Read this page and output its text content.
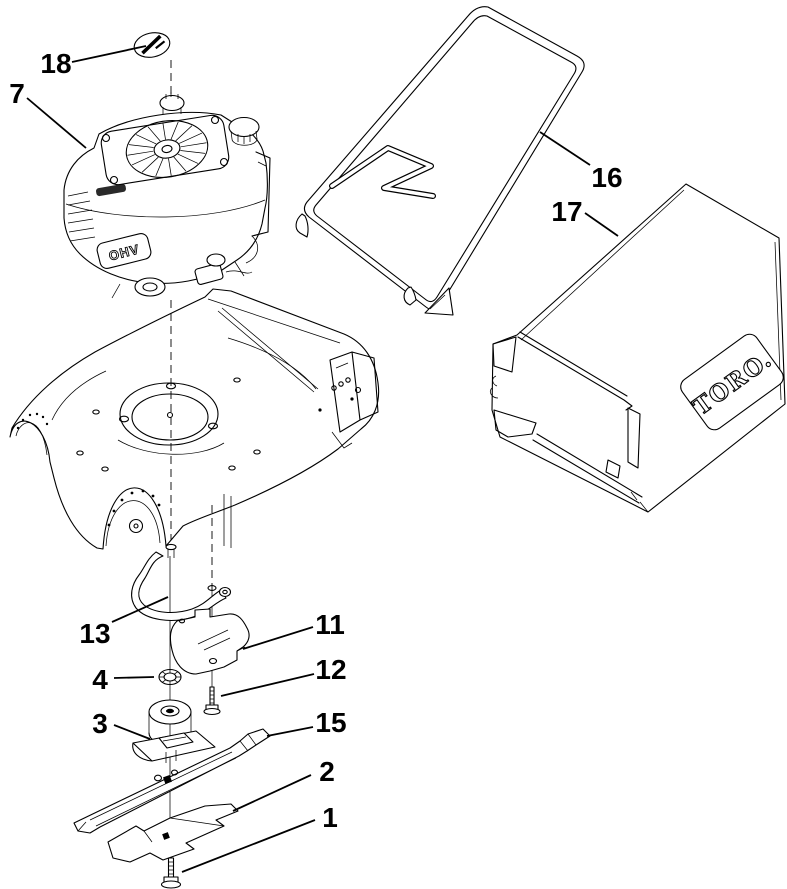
OHV
TORO.
18
7
16
17
13	11
4	12
3	15
2
1
